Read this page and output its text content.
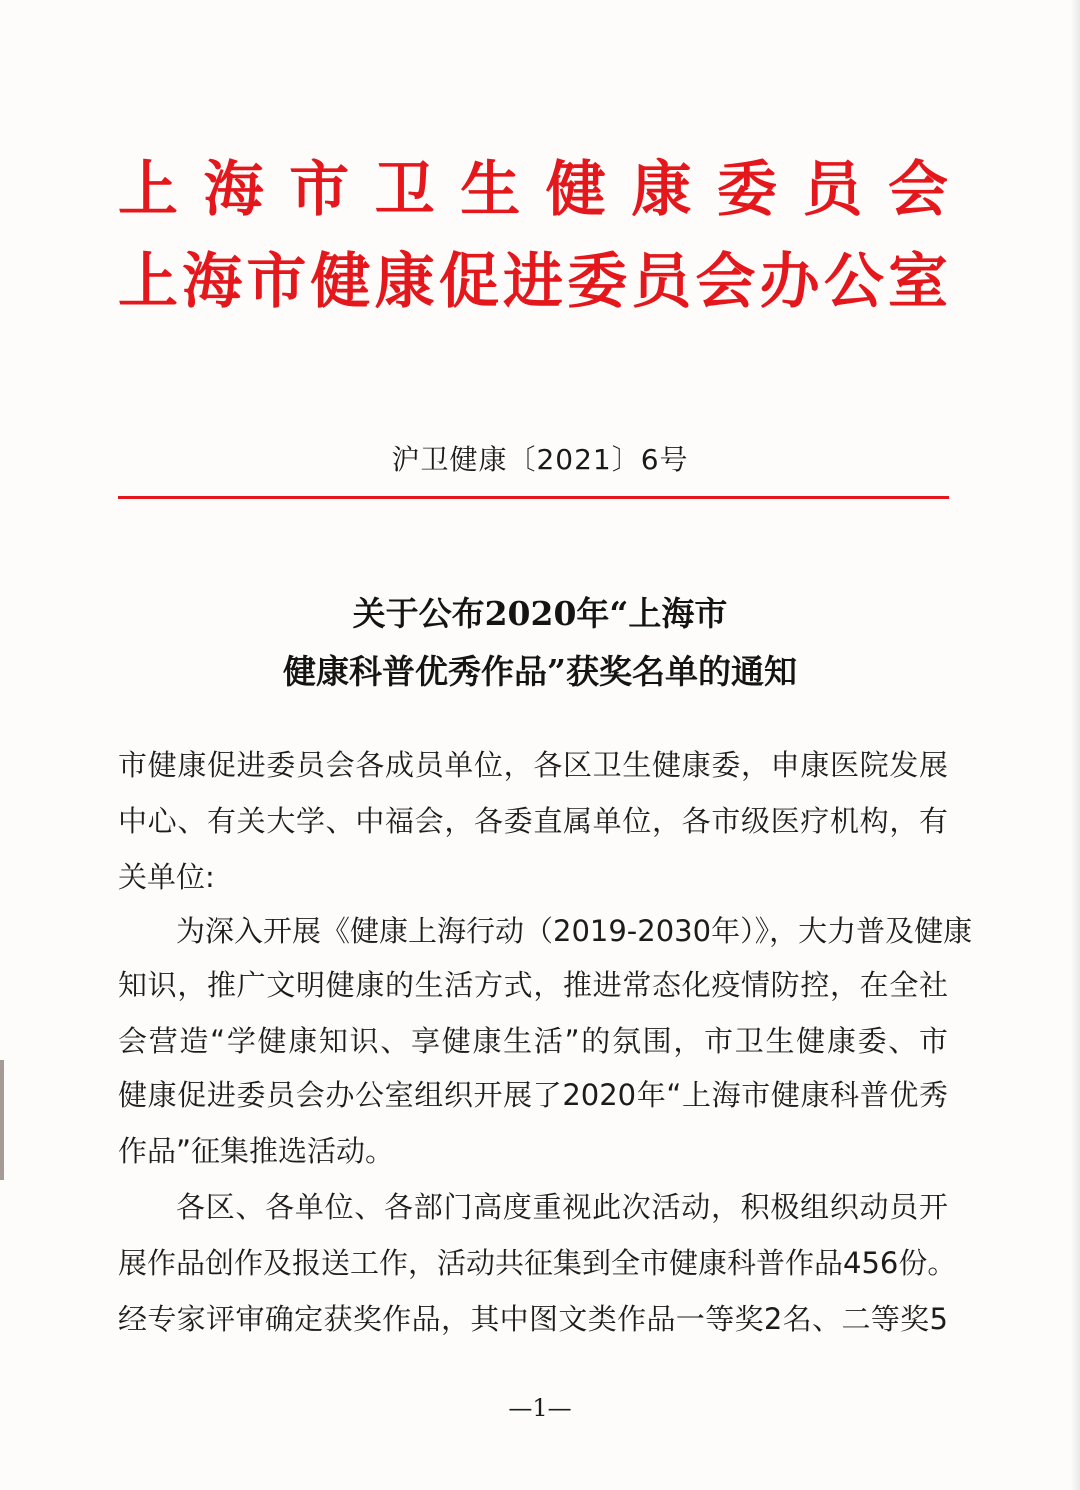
上海市卫生健康委员会
上海市健康促进委员会办公室
沪卫健康〔2021〕6号
关于公布2020年“上海市
健康科普优秀作品”获奖名单的通知
市健康促进委员会各成员单位，各区卫生健康委，申康医院发展
中心、有关大学、中福会，各委直属单位，各市级医疗机构，有
关单位:
为深入开展《健康上海行动（2019-2030年）》，大力普及健康
知识，推广文明健康的生活方式，推进常态化疫情防控，在全社
会营造“学健康知识、享健康生活”的氛围，市卫生健康委、市
健康促进委员会办公室组织开展了2020年“上海市健康科普优秀
作品”征集推选活动。
各区、各单位、各部门高度重视此次活动，积极组织动员开
展作品创作及报送工作，活动共征集到全市健康科普作品456份。
经专家评审确定获奖作品，其中图文类作品一等奖2名、二等奖5
—1—
